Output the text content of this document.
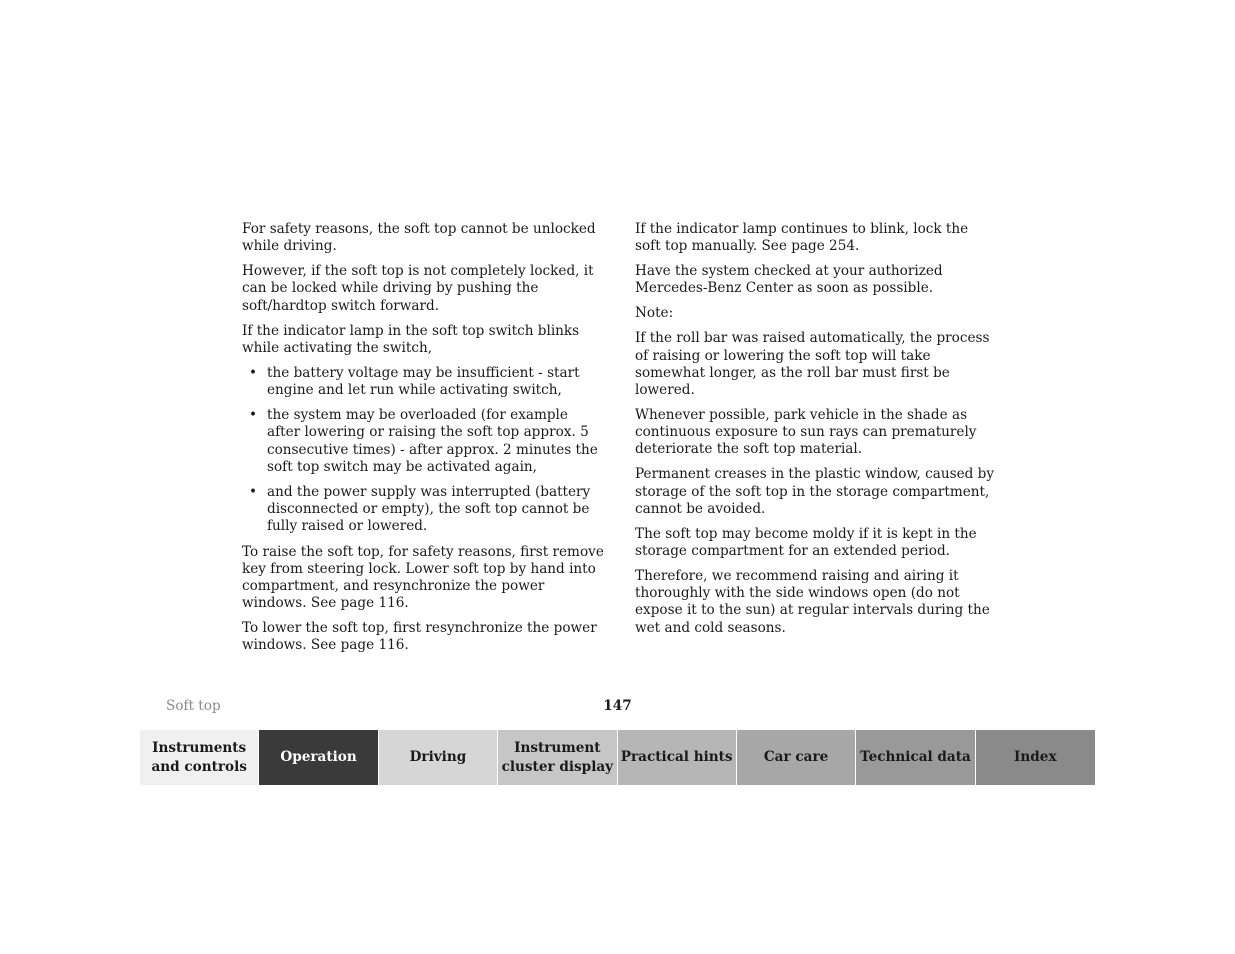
For safety reasons, the soft top cannot be unlocked while driving.

However, if the soft top is not completely locked, it can be locked while driving by pushing the soft/hardtop switch forward.

If the indicator lamp in the soft top switch blinks while activating the switch,

• the battery voltage may be insufficient - start engine and let run while activating switch,
• the system may be overloaded (for example after lowering or raising the soft top approx. 5 consecutive times) - after approx. 2 minutes the soft top switch may be activated again,
• and the power supply was interrupted (battery disconnected or empty), the soft top cannot be fully raised or lowered.

To raise the soft top, for safety reasons, first remove key from steering lock. Lower soft top by hand into compartment, and resynchronize the power windows. See page 116.

To lower the soft top, first resynchronize the power windows. See page 116.

If the indicator lamp continues to blink, lock the soft top manually. See page 254.

Have the system checked at your authorized Mercedes-Benz Center as soon as possible.

Note:

If the roll bar was raised automatically, the process of raising or lowering the soft top will take somewhat longer, as the roll bar must first be lowered.

Whenever possible, park vehicle in the shade as continuous exposure to sun rays can prematurely deteriorate the soft top material.

Permanent creases in the plastic window, caused by storage of the soft top in the storage compartment, cannot be avoided.

The soft top may become moldy if it is kept in the storage compartment for an extended period.

Therefore, we recommend raising and airing it thoroughly with the side windows open (do not expose it to the sun) at regular intervals during the wet and cold seasons.

Soft top	147
Instruments and controls
Operation	Driving
Instrument cluster display
Practical hints Car care Technical data	Index
